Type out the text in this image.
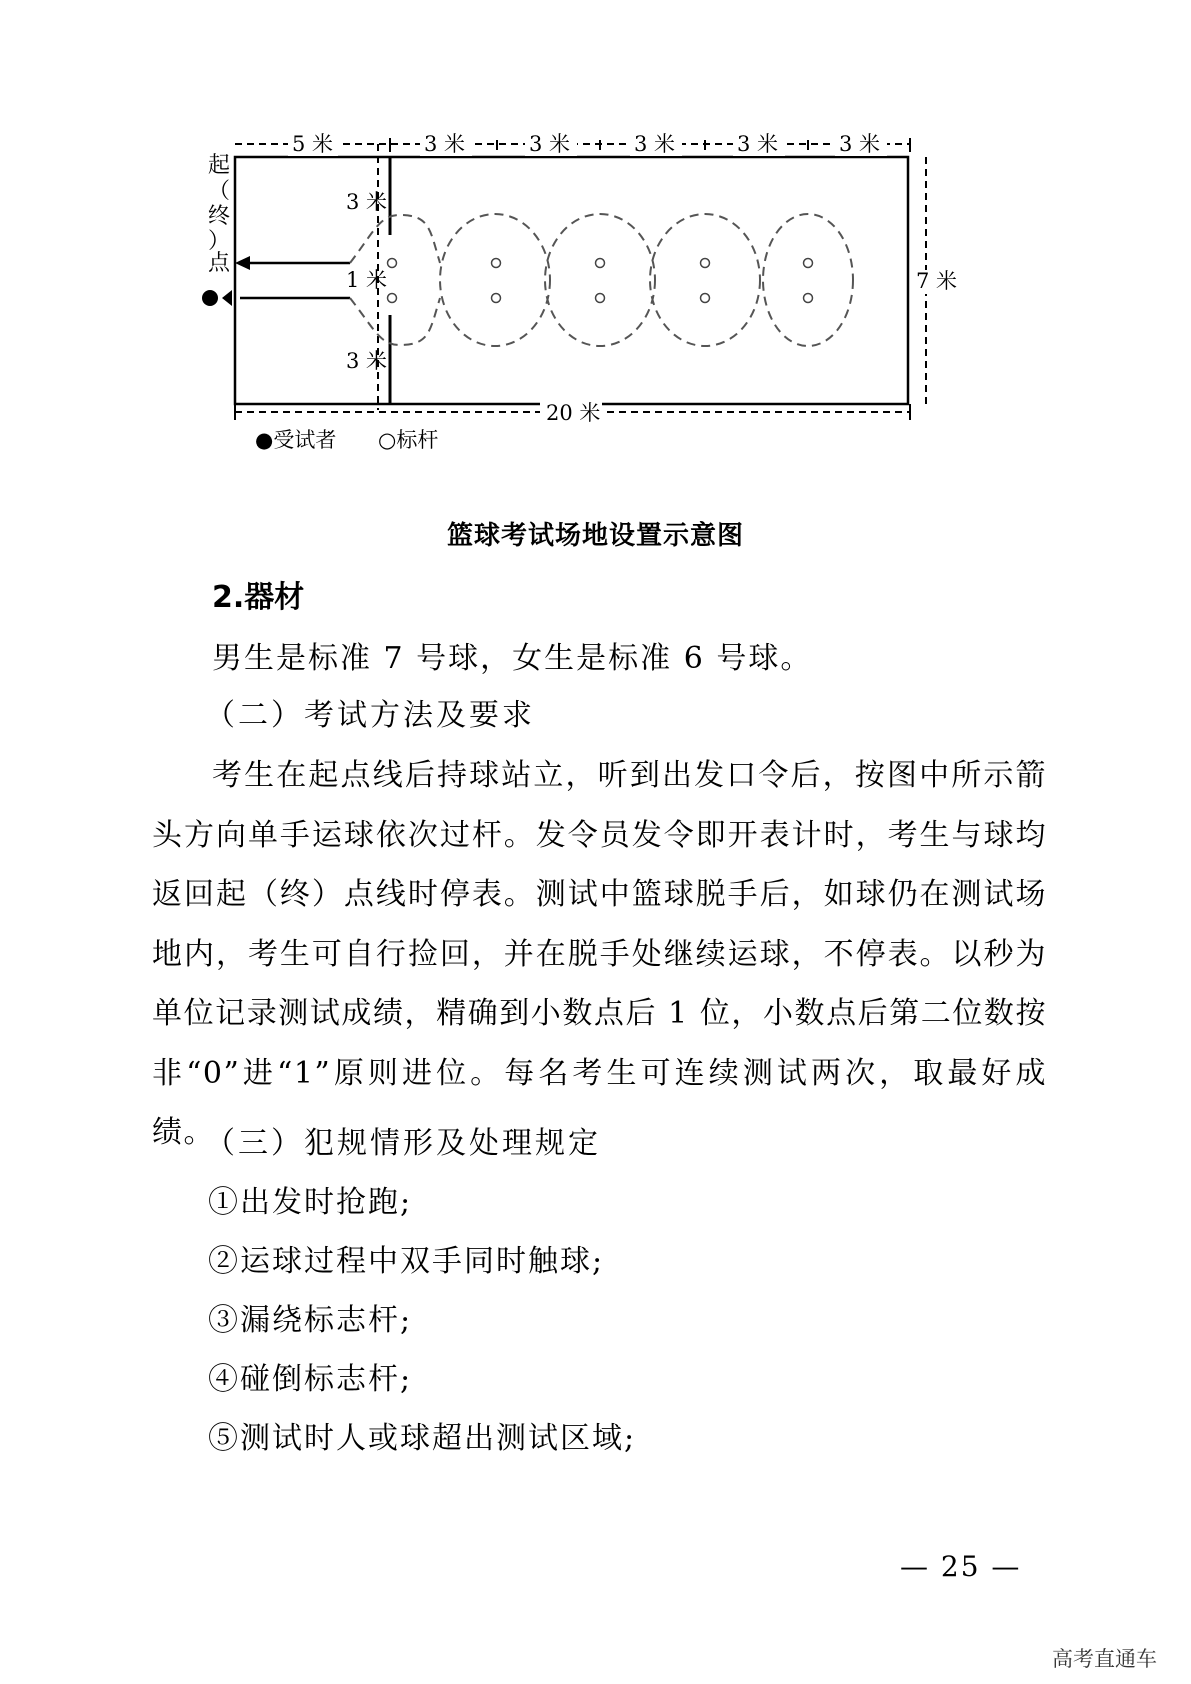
5 米	3 米	3 米	3 米	3 米	3 米
3 米
1 米
3 米
7 米
20 米
起
（
终
）
点
●受试者 ○标杆
篮球考试场地设置示意图
2.器材
男生是标准 7 号球，女生是标准 6 号球。
（二）考试方法及要求
考生在起点线后持球站立，听到出发口令后，按图中所示箭头方向单手运球依次过杆。发令员发令即开表计时，考生与球均返回起（终）点线时停表。测试中篮球脱手后，如球仍在测试场地内，考生可自行捡回，并在脱手处继续运球，不停表。以秒为单位记录测试成绩，精确到小数点后 1 位，小数点后第二位数按非“0”进“1”原则进位。每名考生可连续测试两次，取最好成绩。
（三）犯规情形及处理规定
①出发时抢跑;
②运球过程中双手同时触球;
③漏绕标志杆;
④碰倒标志杆;
⑤测试时人或球超出测试区域;
— 25 —
高考直通车
